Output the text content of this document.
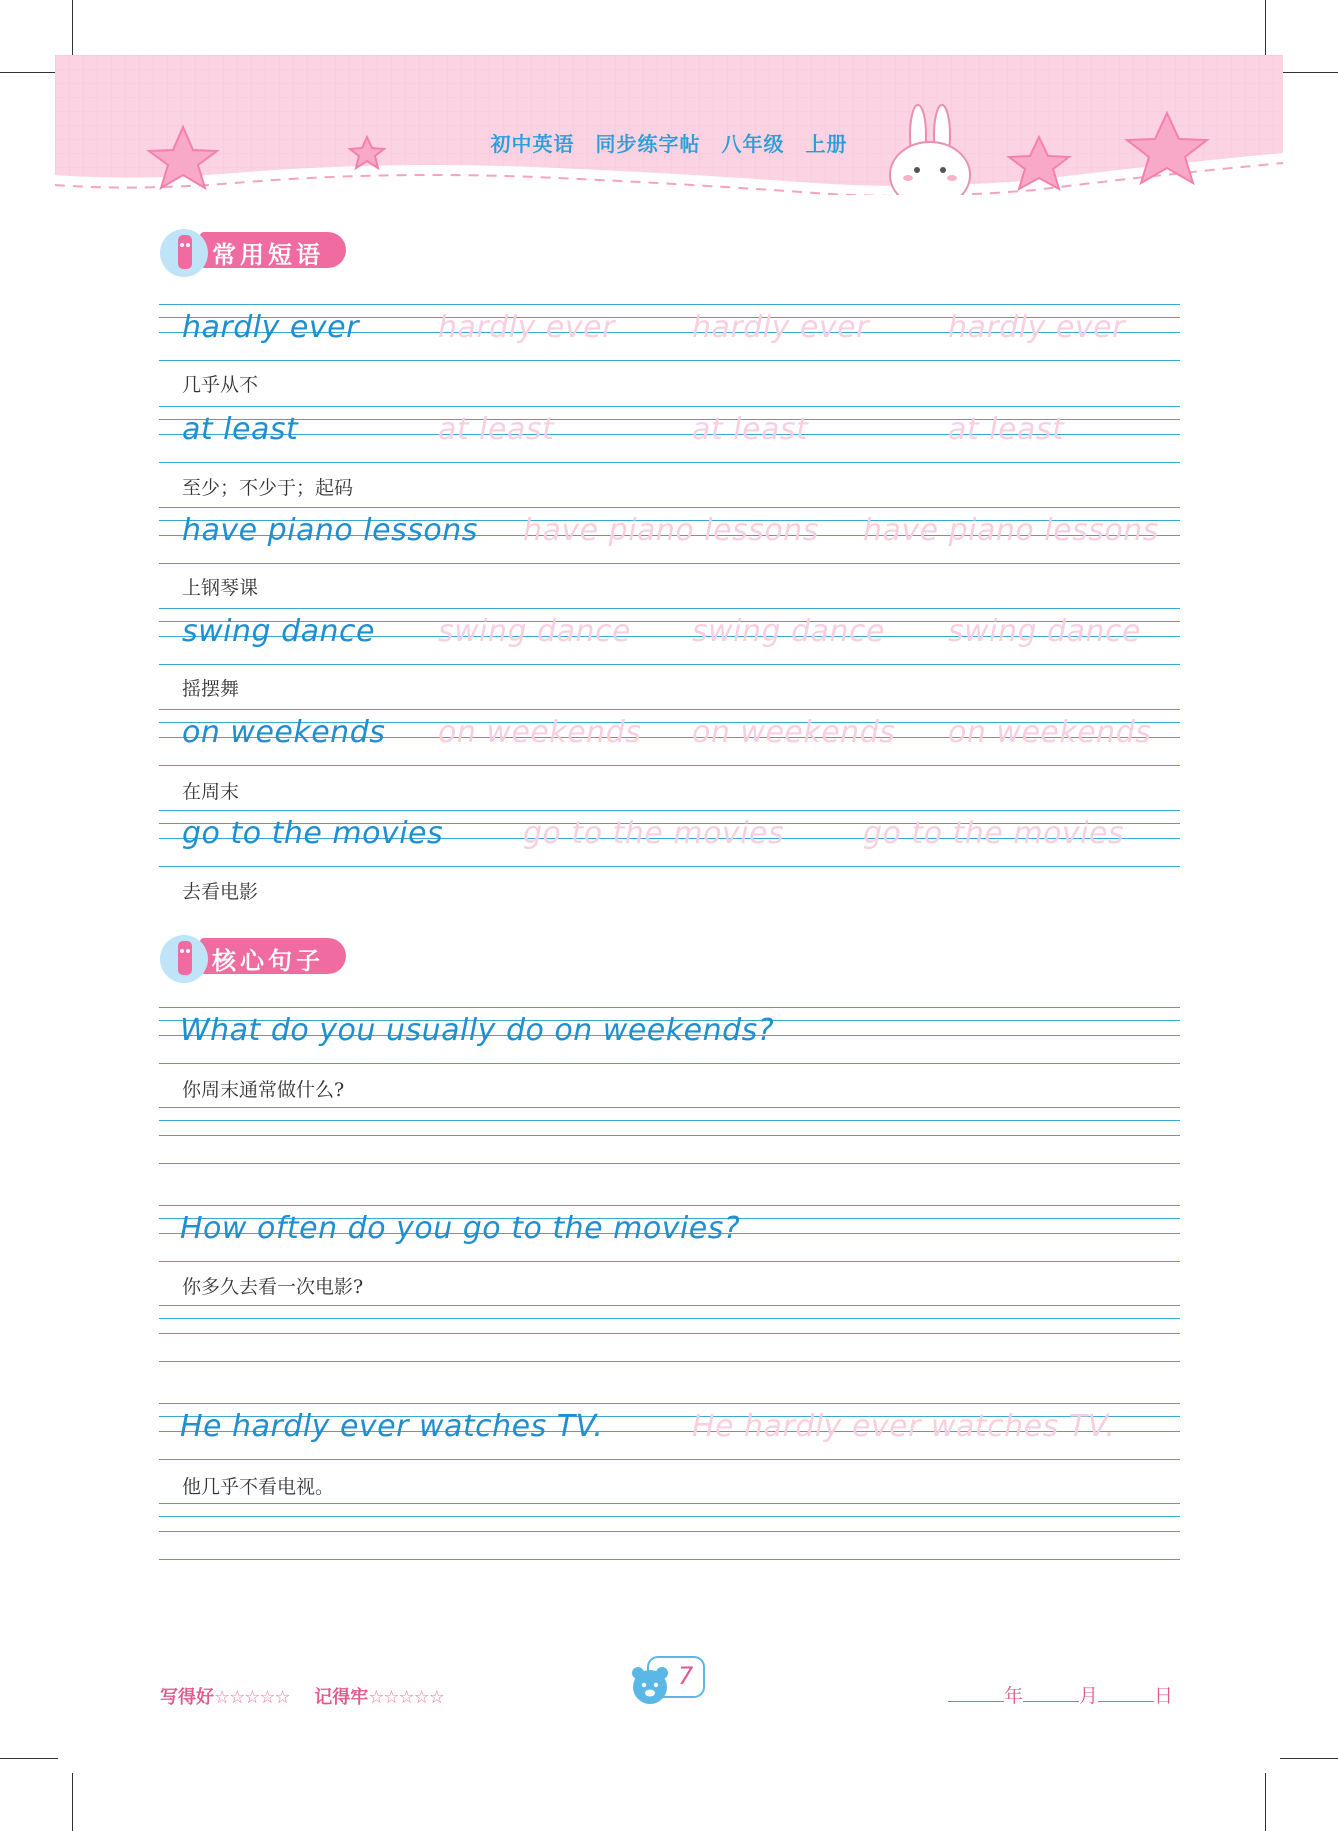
初中英语　同步练字帖　八年级　上册
常用短语
核心句子
hardly ever	hardly ever	hardly ever	hardly ever
几乎从不
at least	at least	at least	at least
至少；不少于；起码
have piano lessons have piano lessons have piano lessons
上钢琴课
swing dance swing dance swing dance swing dance
摇摆舞
on weekends on weekends on weekends on weekends
在周末
go to the movies	go to the movies	go to the movies
去看电影
What do you usually do on weekends?
你周末通常做什么?
How often do you go to the movies?
你多久去看一次电影?
He hardly ever watches TV.	He hardly ever watches TV.
他几乎不看电视。
写得好☆☆☆☆☆ 记得牢☆☆☆☆☆
7
年	月	日
